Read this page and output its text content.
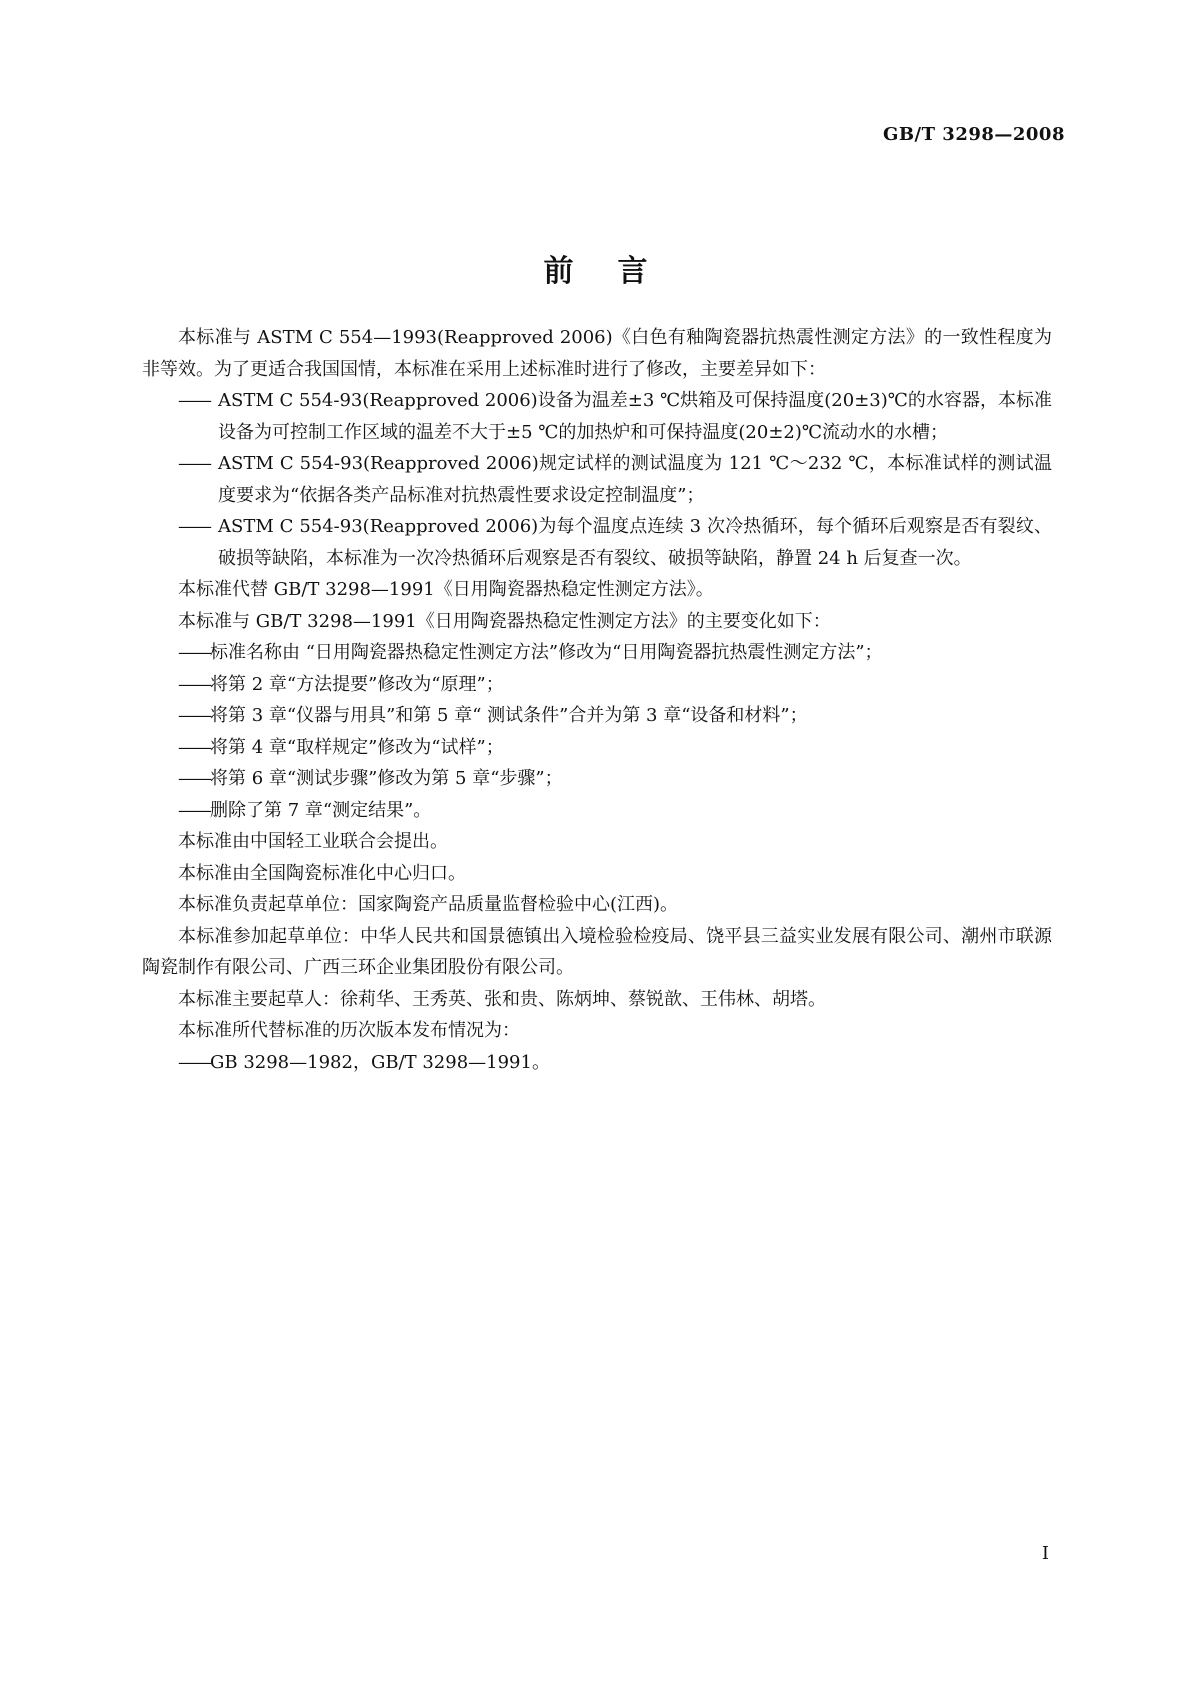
GB/T 3298—2008
前言

本标准与 ASTM C 554—1993(Reapproved 2006)《白色有釉陶瓷器抗热震性测定方法》的一致性程度为非等效。为了更适合我国国情，本标准在采用上述标准时进行了修改，主要差异如下：

—— ASTM C 554-93(Reapproved 2006)设备为温差±3 ℃烘箱及可保持温度(20±3)℃的水容器，本标准设备为可控制工作区域的温差不大于±5 ℃的加热炉和可保持温度(20±2)℃流动水的水槽；

—— ASTM C 554-93(Reapproved 2006)规定试样的测试温度为 121 ℃～232 ℃，本标准试样的测试温度要求为“依据各类产品标准对抗热震性要求设定控制温度”；

—— ASTM C 554-93(Reapproved 2006)为每个温度点连续 3 次冷热循环，每个循环后观察是否有裂纹、破损等缺陷，本标准为一次冷热循环后观察是否有裂纹、破损等缺陷，静置 24 h 后复查一次。

本标准代替 GB/T 3298—1991《日用陶瓷器热稳定性测定方法》。

本标准与 GB/T 3298—1991《日用陶瓷器热稳定性测定方法》的主要变化如下：

——标准名称由 “日用陶瓷器热稳定性测定方法”修改为“日用陶瓷器抗热震性测定方法”；

——将第 2 章“方法提要”修改为“原理”；

——将第 3 章“仪器与用具”和第 5 章“ 测试条件”合并为第 3 章“设备和材料”；

——将第 4 章“取样规定”修改为“试样”；

——将第 6 章“测试步骤”修改为第 5 章“步骤”；

——删除了第 7 章“测定结果”。

本标准由中国轻工业联合会提出。

本标准由全国陶瓷标准化中心归口。

本标准负责起草单位：国家陶瓷产品质量监督检验中心(江西)。

本标准参加起草单位：中华人民共和国景德镇出入境检验检疫局、饶平县三益实业发展有限公司、潮州市联源陶瓷制作有限公司、广西三环企业集团股份有限公司。

本标准主要起草人：徐莉华、王秀英、张和贵、陈炳坤、蔡锐歆、王伟林、胡塔。

本标准所代替标准的历次版本发布情况为：

——GB 3298—1982，GB/T 3298—1991。

Ⅰ
